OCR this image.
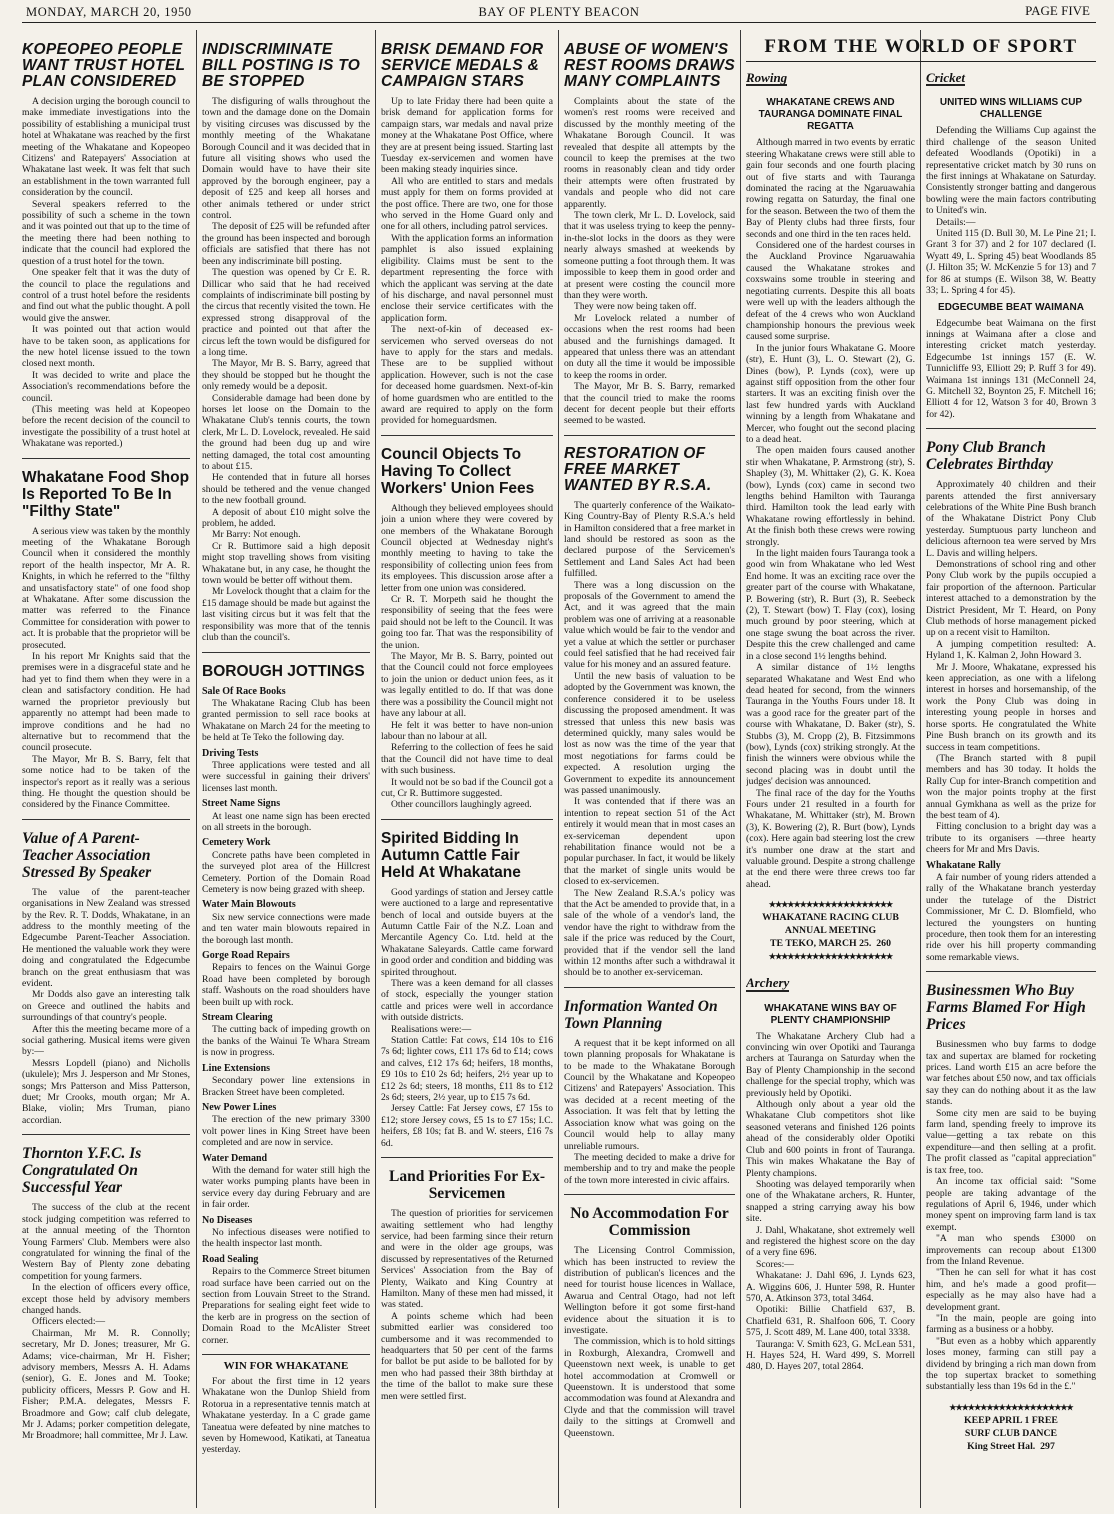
MONDAY, MARCH 20, 1950	BAY OF PLENTY BEACON	PAGE FIVE
KOPEOPEO PEOPLE WANT TRUST HOTEL PLAN CONSIDERED

A decision urging the borough council to make immediate investigations into the possibility of establishing a municipal trust hotel at Whakatane was reached by the first meeting of the Whakatane and Kopeopeo Citizens' and Ratepayers' Association at Whakatane last week. It was felt that such an establishment in the town warranted full consideration by the council.

Several speakers referred to the possibility of such a scheme in the town and it was pointed out that up to the time of the meeting there had been nothing to indicate that the council had explored the question of a trust hotel for the town.

One speaker felt that it was the duty of the council to place the regulations and control of a trust hotel before the residents and find out what the public thought. A poll would give the answer.

It was pointed out that action would have to be taken soon, as applications for the new hotel license issued to the town closed next month.

It was decided to write and place the Association's recommendations before the council.

(This meeting was held at Kopeopeo before the recent decision of the council to investigate the possibility of a trust hotel at Whakatane was reported.)

Whakatane Food Shop Is Reported To Be In "Filthy State"

A serious view was taken by the monthly meeting of the Whakatane Borough Council when it considered the monthly report of the health inspector, Mr A. R. Knights, in which he referred to the "filthy and unsatisfactory state" of one food shop at Whakatane. After some discussion the matter was referred to the Finance Committee for consideration with power to act. It is probable that the proprietor will be prosecuted.

In his report Mr Knights said that the premises were in a disgraceful state and he had yet to find them when they were in a clean and satisfactory condition. He had warned the proprietor previously but apparently no attempt had been made to improve conditions and he had no alternative but to recommend that the council prosecute.

The Mayor, Mr B. S. Barry, felt that some notice had to be taken of the inspector's report as it really was a serious thing. He thought the question should be considered by the Finance Committee.

Value of A Parent-Teacher Association Stressed By Speaker

The value of the parent-teacher organisations in New Zealand was stressed by the Rev. R. T. Dodds, Whakatane, in an address to the monthly meeting of the Edgecumbe Parent-Teacher Association. He mentioned the valuable work they were doing and congratulated the Edgecumbe branch on the great enthusiasm that was evident.

Mr Dodds also gave an interesting talk on Greece and outlined the habits and surroundings of that country's people.

After this the meeting became more of a social gathering. Musical items were given by:—

Messrs Lopdell (piano) and Nicholls (ukulele); Mrs J. Jesperson and Mr Stones, songs; Mrs Patterson and Miss Patterson, duet; Mr Crooks, mouth organ; Mr A. Blake, violin; Mrs Truman, piano accordian.

Thornton Y.F.C. Is Congratulated On Successful Year

The success of the club at the recent stock judging competition was referred to at the annual meeting of the Thornton Young Farmers' Club. Members were also congratulated for winning the final of the Western Bay of Plenty zone debating competition for young farmers.

In the election of officers every office, except those held by advisory members changed hands.

Officers elected:—

Chairman, Mr M. R. Connolly; secretary, Mr D. Jones; treasurer, Mr G. Adams; vice-chairman, Mr H. Fisher; advisory members, Messrs A. H. Adams (senior), G. E. Jones and M. Tooke; publicity officers, Messrs P. Gow and H. Fisher; P.M.A. delegates, Messrs F. Broadmore and Gow; calf club delegate, Mr J. Adams; porker competition delegate, Mr Broadmore; hall committee, Mr J. Law.

INDISCRIMINATE BILL POSTING IS TO BE STOPPED

The disfiguring of walls throughout the town and the damage done on the Domain by visiting circuses was discussed by the monthly meeting of the Whakatane Borough Council and it was decided that in future all visiting shows who used the Domain would have to have their site approved by the borough engineer, pay a deposit of £25 and keep all horses and other animals tethered or under strict control.

The deposit of £25 will be refunded after the ground has been inspected and borough officials are satisfied that there has not been any indiscriminate bill posting.

The question was opened by Cr E. R. Dillicar who said that he had received complaints of indiscriminate bill posting by the circus that recently visited the town. He expressed strong disapproval of the practice and pointed out that after the circus left the town would be disfigured for a long time.

The Mayor, Mr B. S. Barry, agreed that they should be stopped but he thought the only remedy would be a deposit.

Considerable damage had been done by horses let loose on the Domain to the Whakatane Club's tennis courts, the town clerk, Mr L. D. Lovelock, revealed. He said the ground had been dug up and wire netting damaged, the total cost amounting to about £15.

He contended that in future all horses should be tethered and the venue changed to the new football ground.

A deposit of about £10 might solve the problem, he added.

Mr Barry: Not enough.

Cr R. Buttimore said a high deposit might stop travelling shows from visiting Whakatane but, in any case, he thought the town would be better off without them.

Mr Lovelock thought that a claim for the £15 damage should be made but against the last visiting circus but it was felt that the responsibility was more that of the tennis club than the council's.

BOROUGH JOTTINGS
Sale Of Race Books

The Whakatane Racing Club has been granted permission to sell race books at Whakatane on March 24 for the meeting to be held at Te Teko the following day.

Driving Tests

Three applications were tested and all were successful in gaining their drivers' licenses last month.

Street Name Signs

At least one name sign has been erected on all streets in the borough.

Cemetery Work

Concrete paths have been completed in the surveyed plot area of the Hillcrest Cemetery. Portion of the Domain Road Cemetery is now being grazed with sheep.

Water Main Blowouts

Six new service connections were made and ten water main blowouts repaired in the borough last month.

Gorge Road Repairs

Repairs to fences on the Wainui Gorge Road have been completed by borough staff. Washouts on the road shoulders have been built up with rock.

Stream Clearing

The cutting back of impeding growth on the banks of the Wainui Te Whara Stream is now in progress.

Line Extensions

Secondary power line extensions in Bracken Street have been completed.

New Power Lines

The erection of the new primary 3300 volt power lines in King Street have been completed and are now in service.

Water Demand

With the demand for water still high the water works pumping plants have been in service every day during February and are in fair order.

No Diseases

No infectious diseases were notified to the health inspector last month.

Road Sealing

Repairs to the Commerce Street bitumen road surface have been carried out on the section from Louvain Street to the Strand. Preparations for sealing eight feet wide to the kerb are in progress on the section of Domain Road to the McAlister Street corner.

WIN FOR WHAKATANE

For about the first time in 12 years Whakatane won the Dunlop Shield from Rotorua in a representative tennis match at Whakatane yesterday. In a C grade game Taneatua were defeated by nine matches to seven by Homewood, Katikati, at Taneatua yesterday.

BRISK DEMAND FOR SERVICE MEDALS & CAMPAIGN STARS

Up to late Friday there had been quite a brisk demand for application forms for campaign stars, war medals and naval prize money at the Whakatane Post Office, where they are at present being issued. Starting last Tuesday ex-servicemen and women have been making steady inquiries since.

All who are entitled to stars and medals must apply for them on forms provided at the post office. There are two, one for those who served in the Home Guard only and one for all others, including patrol services.

With the application forms an information pamphlet is also issued explaining eligibility. Claims must be sent to the department representing the force with which the applicant was serving at the date of his discharge, and naval personnel must enclose their service certificates with the application form.

The next-of-kin of deceased ex-servicemen who served overseas do not have to apply for the stars and medals. These are to be supplied without application. However, such is not the case for deceased home guardsmen. Next-of-kin of home guardsmen who are entitled to the award are required to apply on the form provided for homeguardsmen.

Council Objects To Having To Collect Workers' Union Fees

Although they believed employees should join a union where they were covered by one members of the Whakatane Borough Council objected at Wednesday night's monthly meeting to having to take the responsibility of collecting union fees from its employees. This discussion arose after a letter from one union was considered.

Cr R. T. Morpeth said he thought the responsibility of seeing that the fees were paid should not be left to the Council. It was going too far. That was the responsibility of the union.

The Mayor, Mr B. S. Barry, pointed out that the Council could not force employees to join the union or deduct union fees, as it was legally entitled to do. If that was done there was a possibility the Council might not have any labour at all.

He felt it was better to have non-union labour than no labour at all.

Referring to the collection of fees he said that the Council did not have time to deal with such business.

It would not be so bad if the Council got a cut, Cr R. Buttimore suggested.

Other councillors laughingly agreed.

Spirited Bidding In Autumn Cattle Fair Held At Whakatane

Good yardings of station and Jersey cattle were auctioned to a large and representative bench of local and outside buyers at the Autumn Cattle Fair of the N.Z. Loan and Mercantile Agency Co. Ltd. held at the Whakatane Saleyards. Cattle came forward in good order and condition and bidding was spirited throughout.

There was a keen demand for all classes of stock, especially the younger station cattle and prices were well in accordance with outside districts.

Realisations were:—

Station Cattle: Fat cows, £14 10s to £16 7s 6d; lighter cows, £11 17s 6d to £14; cows and calves, £12 17s 6d; heifers, 18 months, £9 10s to £10 2s 6d; heifers, 2½ year up to £12 2s 6d; steers, 18 months, £11 8s to £12 2s 6d; steers, 2½ year, up to £15 7s 6d.

Jersey Cattle: Fat Jersey cows, £7 15s to £12; store Jersey cows, £5 1s to £7 15s; I.C. heifers, £8 10s; fat B. and W. steers, £16 7s 6d.

Land Priorities For Ex-Servicemen

The question of priorities for servicemen awaiting settlement who had lengthy service, had been farming since their return and were in the older age groups, was discussed by representatives of the Returned Services' Association from the Bay of Plenty, Waikato and King Country at Hamilton. Many of these men had missed, it was stated.

A points scheme which had been submitted earlier was considered too cumbersome and it was recommended to headquarters that 50 per cent of the farms for ballot be put aside to be balloted for by men who had passed their 38th birthday at the time of the ballot to make sure these men were settled first.

ABUSE OF WOMEN'S REST ROOMS DRAWS MANY COMPLAINTS

Complaints about the state of the women's rest rooms were received and discussed by the monthly meeting of the Whakatane Borough Council. It was revealed that despite all attempts by the council to keep the premises at the two rooms in reasonably clean and tidy order their attempts were often frustrated by vandals and people who did not care apparently.

The town clerk, Mr L. D. Lovelock, said that it was useless trying to keep the penny-in-the-slot locks in the doors as they were nearly always smashed at weekends by someone putting a foot through them. It was impossible to keep them in good order and at present were costing the council more than they were worth.

They were now being taken off.

Mr Lovelock related a number of occasions when the rest rooms had been abused and the furnishings damaged. It appeared that unless there was an attendant on duty all the time it would be impossible to keep the rooms in order.

The Mayor, Mr B. S. Barry, remarked that the council tried to make the rooms decent for decent people but their efforts seemed to be wasted.

RESTORATION OF FREE MARKET WANTED BY R.S.A.

The quarterly conference of the Waikato-King Country-Bay of Plenty R.S.A.'s held in Hamilton considered that a free market in land should be restored as soon as the declared purpose of the Servicemen's Settlement and Land Sales Act had been fulfilled.

There was a long discussion on the proposals of the Government to amend the Act, and it was agreed that the main problem was one of arriving at a reasonable value which would be fair to the vendor and yet a value at which the settler or purchaser could feel satisfied that he had received fair value for his money and an assured feature.

Until the new basis of valuation to be adopted by the Government was known, the conference considered it to be useless discussing the proposed amendment. It was stressed that unless this new basis was determined quickly, many sales would be lost as now was the time of the year that most negotiations for farms could be expected. A resolution urging the Government to expedite its announcement was passed unanimously.

It was contended that if there was an intention to repeat section 51 of the Act entirely it would mean that in most cases an ex-serviceman dependent upon rehabilitation finance would not be a popular purchaser. In fact, it would be likely that the market of single units would be closed to ex-servicemen.

The New Zealand R.S.A.'s policy was that the Act be amended to provide that, in a sale of the whole of a vendor's land, the vendor have the right to withdraw from the sale if the price was reduced by the Court, provided that if the vendor sell the land within 12 months after such a withdrawal it should be to another ex-serviceman.

Information Wanted On Town Planning

A request that it be kept informed on all town planning proposals for Whakatane is to be made to the Whakatane Borough Council by the Whakatane and Kopeopeo Citizens' and Ratepayers' Association. This was decided at a recent meeting of the Association. It was felt that by letting the Association know what was going on the Council would help to allay many unreliable rumours.

The meeting decided to make a drive for membership and to try and make the people of the town more interested in civic affairs.

No Accommodation For Commission

The Licensing Control Commission, which has been instructed to review the distribution of publican's licences and the need for tourist house licences in Wallace, Awarua and Central Otago, had not left Wellington before it got some first-hand evidence about the situation it is to investigate.

The commission, which is to hold sittings in Roxburgh, Alexandra, Cromwell and Queenstown next week, is unable to get hotel accommodation at Cromwell or Queenstown. It is understood that some accommodation was found at Alexandra and Clyde and that the commission will travel daily to the sittings at Cromwell and Queenstown.

FROM THE WORLD OF SPORT
Rowing
WHAKATANE CREWS AND TAURANGA DOMINATE FINAL REGATTA

Although marred in two events by erratic steering Whakatane crews were still able to gain four seconds and one fourth placing out of five starts and with Tauranga dominated the racing at the Ngaruawahia rowing regatta on Saturday, the final one for the season. Between the two of them the Bay of Plenty clubs had three firsts, four seconds and one third in the ten races held.

Considered one of the hardest courses in the Auckland Province Ngaruawahia caused the Whakatane strokes and coxswains some trouble in steering and negotiating currents. Despite this all boats were well up with the leaders although the defeat of the 4 crews who won Auckland championship honours the previous week caused some surprise.

In the junior fours Whakatane G. Moore (str), E. Hunt (3), L. O. Stewart (2), G. Dines (bow), P. Lynds (cox), were up against stiff opposition from the other four starters. It was an exciting finish over the last few hundred yards with Auckland winning by a length from Whakatane and Mercer, who fought out the second placing to a dead heat.

The open maiden fours caused another stir when Whakatane, P. Armstrong (str), S. Shapley (3), M. Whittaker (2), G. K. Koea (bow), Lynds (cox) came in second two lengths behind Hamilton with Tauranga third. Hamilton took the lead early with Whakatane rowing effortlessly in behind. At the finish both these crews were rowing strongly.

In the light maiden fours Tauranga took a good win from Whakatane who led West End home. It was an exciting race over the greater part of the course with Whakatane, P. Bowering (str), R. Burt (3), R. Seebeck (2), T. Stewart (bow) T. Flay (cox), losing much ground by poor steering, which at one stage swung the boat across the river. Despite this the crew challenged and came in a close second 1½ lengths behind.

A similar distance of 1½ lengths separated Whakatane and West End who dead heated for second, from the winners Tauranga in the Youths Fours under 18. It was a good race for the greater part of the course with Whakatane, D. Baker (str), S. Stubbs (3), M. Cropp (2), B. Fitzsimmons (bow), Lynds (cox) striking strongly. At the finish the winners were obvious while the second placing was in doubt until the judges' decision was announced.

The final race of the day for the Youths Fours under 21 resulted in a fourth for Whakatane, M. Whittaker (str), M. Brown (3), K. Bowering (2), R. Burt (bow), Lynds (cox). Here again bad steering lost the crew it's number one draw at the start and valuable ground. Despite a strong challenge at the end there were three crews too far ahead.

★★★★★★★★★★★★★★★★★★★★
WHAKATANE RACING CLUB
ANNUAL MEETING
TE TEKO, MARCH 25. 260
★★★★★★★★★★★★★★★★★★★★
Archery
WHAKATANE WINS BAY OF PLENTY CHAMPIONSHIP

The Whakatane Archery Club had a convincing win over Opotiki and Tauranga archers at Tauranga on Saturday when the Bay of Plenty Championship in the second challenge for the special trophy, which was previously held by Opotiki.

Although only about a year old the Whakatane Club competitors shot like seasoned veterans and finished 126 points ahead of the considerably older Opotiki Club and 600 points in front of Tauranga. This win makes Whakatane the Bay of Plenty champions.

Shooting was delayed temporarily when one of the Whakatane archers, R. Hunter, snapped a string carrying away his bow site.

J. Dahl, Whakatane, shot extremely well and registered the highest score on the day of a very fine 696.

Scores:—

Whakatane: J. Dahl 696, J. Lynds 623, A. Wiggins 606, J. Hunter 598, R. Hunter 570, A. Atkinson 373, total 3464.

Opotiki: Billie Chatfield 637, B. Chatfield 631, R. Shalfoon 606, T. Coory 575, J. Scott 489, M. Lane 400, total 3338.

Tauranga: V. Smith 623, G. McLean 531, H. Hayes 524, H. Ward 499, S. Morrell 480, D. Hayes 207, total 2864.

Cricket
UNITED WINS WILLIAMS CUP CHALLENGE

Defending the Williams Cup against the third challenge of the season United defeated Woodlands (Opotiki) in a representative cricket match by 30 runs on the first innings at Whakatane on Saturday. Consistently stronger batting and dangerous bowling were the main factors contributing to United's win.

Details:—

United 115 (D. Bull 30, M. Le Pine 21; I. Grant 3 for 37) and 2 for 107 declared (I. Wyatt 49, L. Spring 45) beat Woodlands 85 (J. Hilton 35; W. McKenzie 5 for 13) and 7 for 86 at stumps (E. Wilson 38, W. Beatty 33; L. Spring 4 for 45).

EDGECUMBE BEAT WAIMANA

Edgecumbe beat Waimana on the first innings at Waimana after a close and interesting cricket match yesterday. Edgecumbe 1st innings 157 (E. W. Tunnicliffe 93, Elliott 29; P. Ruff 3 for 49). Waimana 1st innings 131 (McConnell 24, G. Mitchell 32, Boynton 25, F. Mitchell 16; Elliott 4 for 12, Watson 3 for 40, Brown 3 for 42).

Pony Club Branch Celebrates Birthday

Approximately 40 children and their parents attended the first anniversary celebrations of the White Pine Bush branch of the Whakatane District Pony Club yesterday. Sumptuous party luncheon and delicious afternoon tea were served by Mrs L. Davis and willing helpers.

Demonstrations of school ring and other Pony Club work by the pupils occupied a fair proportion of the afternoon. Particular interest attached to a demonstration by the District President, Mr T. Heard, on Pony Club methods of horse management picked up on a recent visit to Hamilton.

A jumping competition resulted: A. Hyland 1, K. Kalman 2, John Howard 3.

Mr J. Moore, Whakatane, expressed his keen appreciation, as one with a lifelong interest in horses and horsemanship, of the work the Pony Club was doing in interesting young people in horses and horse sports. He congratulated the White Pine Bush branch on its growth and its success in team competitions.

(The Branch started with 8 pupil members and has 30 today. It holds the Rally Cup for inter-Branch competition and won the major points trophy at the first annual Gymkhana as well as the prize for the best team of 4).

Fitting conclusion to a bright day was a tribute to its organisers —three hearty cheers for Mr and Mrs Davis.

Whakatane Rally

A fair number of young riders attended a rally of the Whakatane branch yesterday under the tutelage of the District Commissioner, Mr C. D. Blomfield, who lectured the youngsters on hunting procedure, then took them for an interesting ride over his hill property commanding some remarkable views.

Businessmen Who Buy Farms Blamed For High Prices

Businessmen who buy farms to dodge tax and supertax are blamed for rocketing prices. Land worth £15 an acre before the war fetches about £50 now, and tax officials say they can do nothing about it as the law stands.

Some city men are said to be buying farm land, spending freely to improve its value—getting a tax rebate on this expenditure—and then selling at a profit. The profit classed as "capital appreciation" is tax free, too.

An income tax official said: "Some people are taking advantage of the regulations of April 6, 1946, under which money spent on improving farm land is tax exempt.

"A man who spends £3000 on improvements can recoup about £1300 from the Inland Revenue.

"Then he can sell for what it has cost him, and he's made a good profit—especially as he may also have had a development grant.

"In the main, people are going into farming as a business or a hobby.

"But even as a hobby which apparently loses money, farming can still pay a dividend by bringing a rich man down from the top supertax bracket to something substantially less than 19s 6d in the £."

★★★★★★★★★★★★★★★★★★★★
KEEP APRIL 1 FREE
SURF CLUB DANCE
King Street Hal. 297
